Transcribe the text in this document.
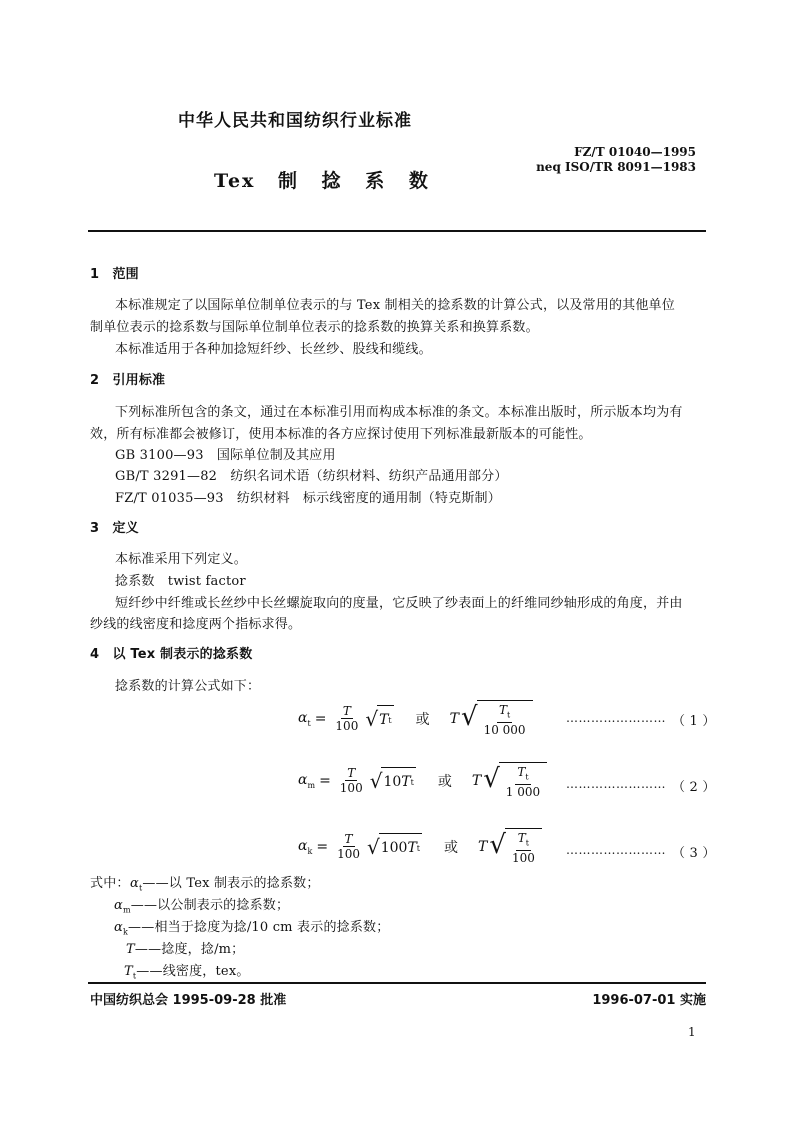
中华人民共和国纺织行业标准
FZ/T 01040—1995
neq ISO/TR 8091—1983
Tex 制 捻 系 数
1　范围
本标准规定了以国际单位制单位表示的与 Tex 制相关的捻系数的计算公式，以及常用的其他单位
制单位表示的捻系数与国际单位制单位表示的捻系数的换算关系和换算系数。
本标准适用于各种加捻短纤纱、长丝纱、股线和缆线。
2　引用标准
下列标准所包含的条文，通过在本标准引用而构成本标准的条文。本标准出版时，所示版本均为有
效，所有标准都会被修订，使用本标准的各方应探讨使用下列标准最新版本的可能性。
GB 3100—93　国际单位制及其应用
GB/T 3291—82　纺织名词术语（纺织材料、纺织产品通用部分）
FZ/T 01035—93　纺织材料　标示线密度的通用制（特克斯制）
3　定义
本标准采用下列定义。
捻系数　twist factor
短纤纱中纤维或长丝纱中长丝螺旋取向的度量，它反映了纱表面上的纤维同纱轴形成的角度，并由
纱线的线密度和捻度两个指标求得。
4　以 Tex 制表示的捻系数
捻系数的计算公式如下：
$\alpha_t = \frac{T}{100}$ √ T t 或 T √ $\frac{T_t}{10 000}$	…………………… （ 1 ）
$\alpha_m = \frac{T}{100}$ √ 10 T t 或 T √ $\frac{T_t}{1 000}$ …………………… （ 2 ）
$\alpha_k = \frac{T}{100}$ √ 100 T t 或 T √ $\frac{T_t}{100}$ …………………… （ 3 ）
式中： $\alpha_t——$以 Tex 制表示的捻系数；
$\alpha_m——$以公制表示的捻系数；
$\alpha_k——$相当于捻度为捻/10 cm 表示的捻系数；
T——捻度，捻/m；
$T_t——$线密度，tex。
中国纺织总会 1995-09-28 批准	1996-07-01 实施
1
